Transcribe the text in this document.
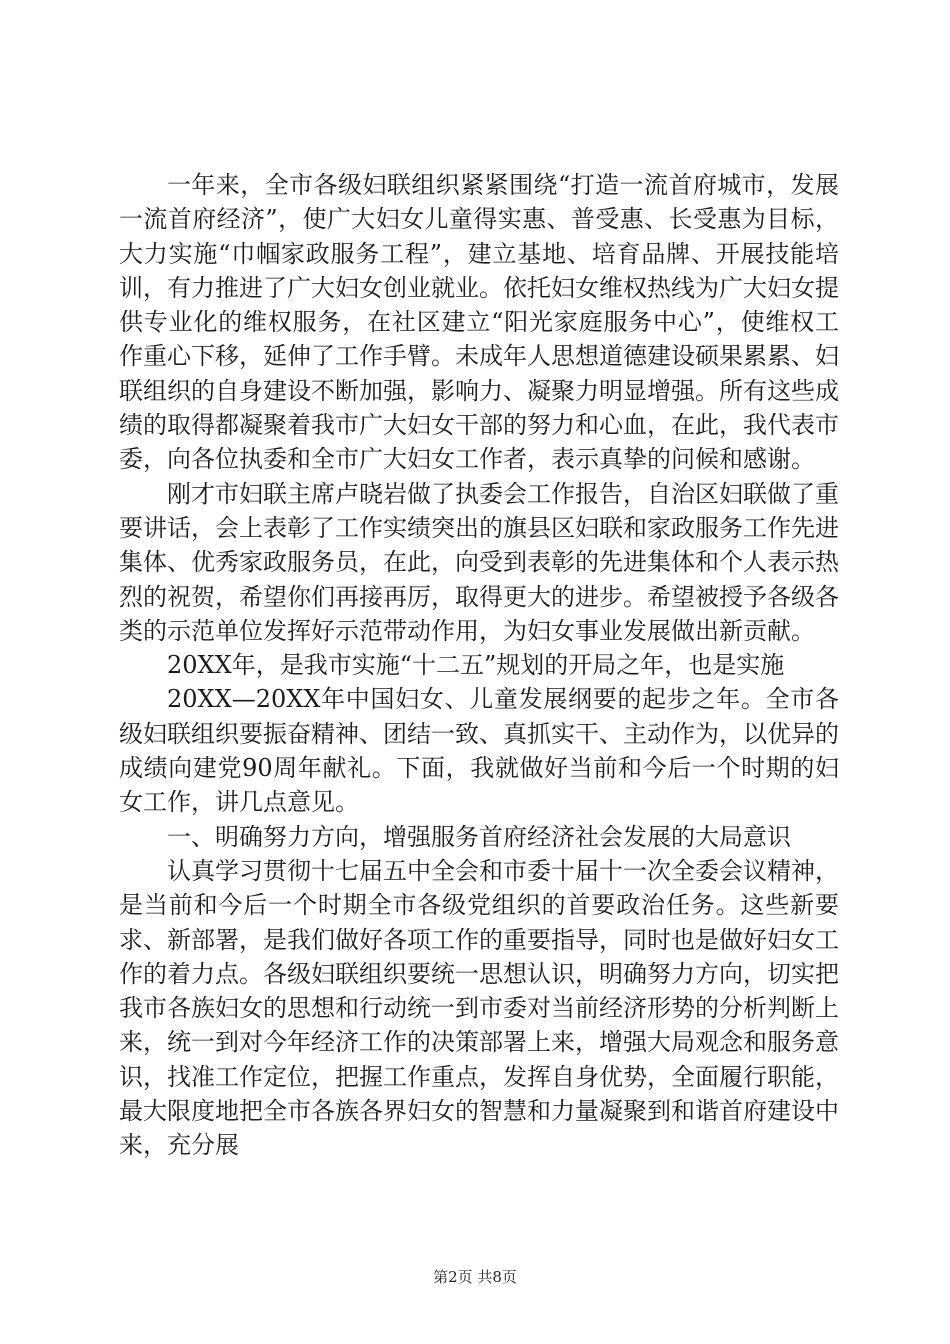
一年来，全市各级妇联组织紧紧围绕“打造一流首府城市，发展一流首府经济”，使广大妇女儿童得实惠、普受惠、长受惠为目标，大力实施“巾帼家政服务工程”，建立基地、培育品牌、开展技能培训，有力推进了广大妇女创业就业。依托妇女维权热线为广大妇女提供专业化的维权服务，在社区建立“阳光家庭服务中心”，使维权工作重心下移，延伸了工作手臂。未成年人思想道德建设硕果累累、妇联组织的自身建设不断加强，影响力、凝聚力明显增强。所有这些成绩的取得都凝聚着我市广大妇女干部的努力和心血，在此，我代表市委，向各位执委和全市广大妇女工作者，表示真挚的问候和感谢。

刚才市妇联主席卢晓岩做了执委会工作报告，自治区妇联做了重要讲话，会上表彰了工作实绩突出的旗县区妇联和家政服务工作先进集体、优秀家政服务员，在此，向受到表彰的先进集体和个人表示热烈的祝贺，希望你们再接再厉，取得更大的进步。希望被授予各级各类的示范单位发挥好示范带动作用，为妇女事业发展做出新贡献。

20XX年，是我市实施“十二五”规划的开局之年，也是实施

20XX—20XX年中国妇女、儿童发展纲要的起步之年。全市各级妇联组织要振奋精神、团结一致、真抓实干、主动作为，以优异的成绩向建党90周年献礼。下面，我就做好当前和今后一个时期的妇女工作，讲几点意见。

一、明确努力方向，增强服务首府经济社会发展的大局意识

认真学习贯彻十七届五中全会和市委十届十一次全委会议精神，是当前和今后一个时期全市各级党组织的首要政治任务。这些新要求、新部署，是我们做好各项工作的重要指导，同时也是做好妇女工作的着力点。各级妇联组织要统一思想认识，明确努力方向，切实把我市各族妇女的思想和行动统一到市委对当前经济形势的分析判断上来，统一到对今年经济工作的决策部署上来，增强大局观念和服务意识，找准工作定位，把握工作重点，发挥自身优势，全面履行职能，最大限度地把全市各族各界妇女的智慧和力量凝聚到和谐首府建设中来，充分展

第2页 共8页
